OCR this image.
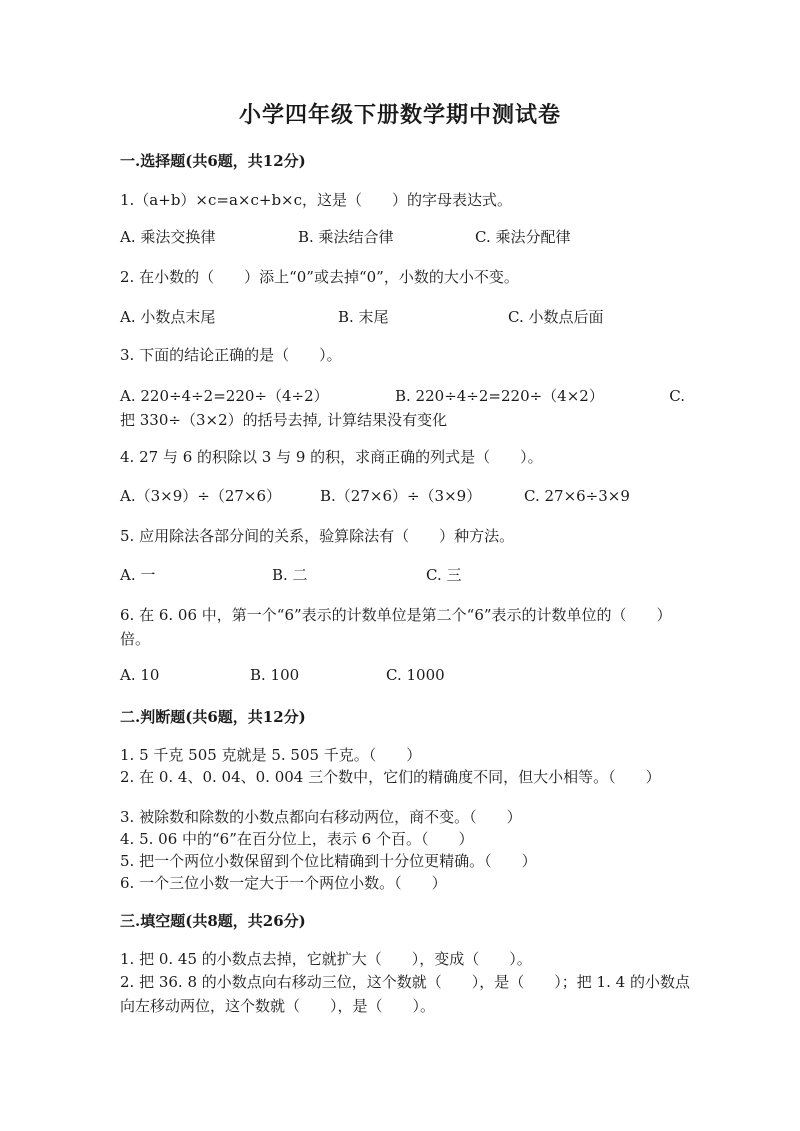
小学四年级下册数学期中测试卷
一.选择题(共6题，共12分)
1.（a+b）×c=a×c+b×c，这是（　　）的字母表达式。
A. 乘法交换律	B. 乘法结合律	C. 乘法分配律
2. 在小数的（　　）添上“0”或去掉“0”，小数的大小不变。
A. 小数点末尾	B. 末尾	C. 小数点后面
3. 下面的结论正确的是（　　）。
A. 220÷4÷2=220÷（4÷2）	B. 220÷4÷2=220÷（4×2）	C.
把 330÷（3×2）的括号去掉, 计算结果没有变化
4. 27 与 6 的积除以 3 与 9 的积，求商正确的列式是（　　）。
A.（3×9）÷（27×6）	B.（27×6）÷（3×9）	C. 27×6÷3×9
5. 应用除法各部分间的关系，验算除法有（　　）种方法。
A. 一	B. 二	C. 三
6. 在 6. 06 中，第一个“6”表示的计数单位是第二个“6”表示的计数单位的（　　）倍。
A. 10	B. 100	C. 1000
二.判断题(共6题，共12分)
1. 5 千克 505 克就是 5. 505 千克。（　　）
2. 在 0. 4、0. 04、0. 004 三个数中，它们的精确度不同，但大小相等。（　　）
3. 被除数和除数的小数点都向右移动两位，商不变。（　　）
4. 5. 06 中的“6”在百分位上，表示 6 个百。（　　）
5. 把一个两位小数保留到个位比精确到十分位更精确。（　　）
6. 一个三位小数一定大于一个两位小数。（　　）
三.填空题(共8题，共26分)
1. 把 0. 45 的小数点去掉，它就扩大（　　），变成（　　）。
2. 把 36. 8 的小数点向右移动三位，这个数就（　　），是（　　）；把 1. 4 的小数点向左移动两位，这个数就（　　），是（　　）。
